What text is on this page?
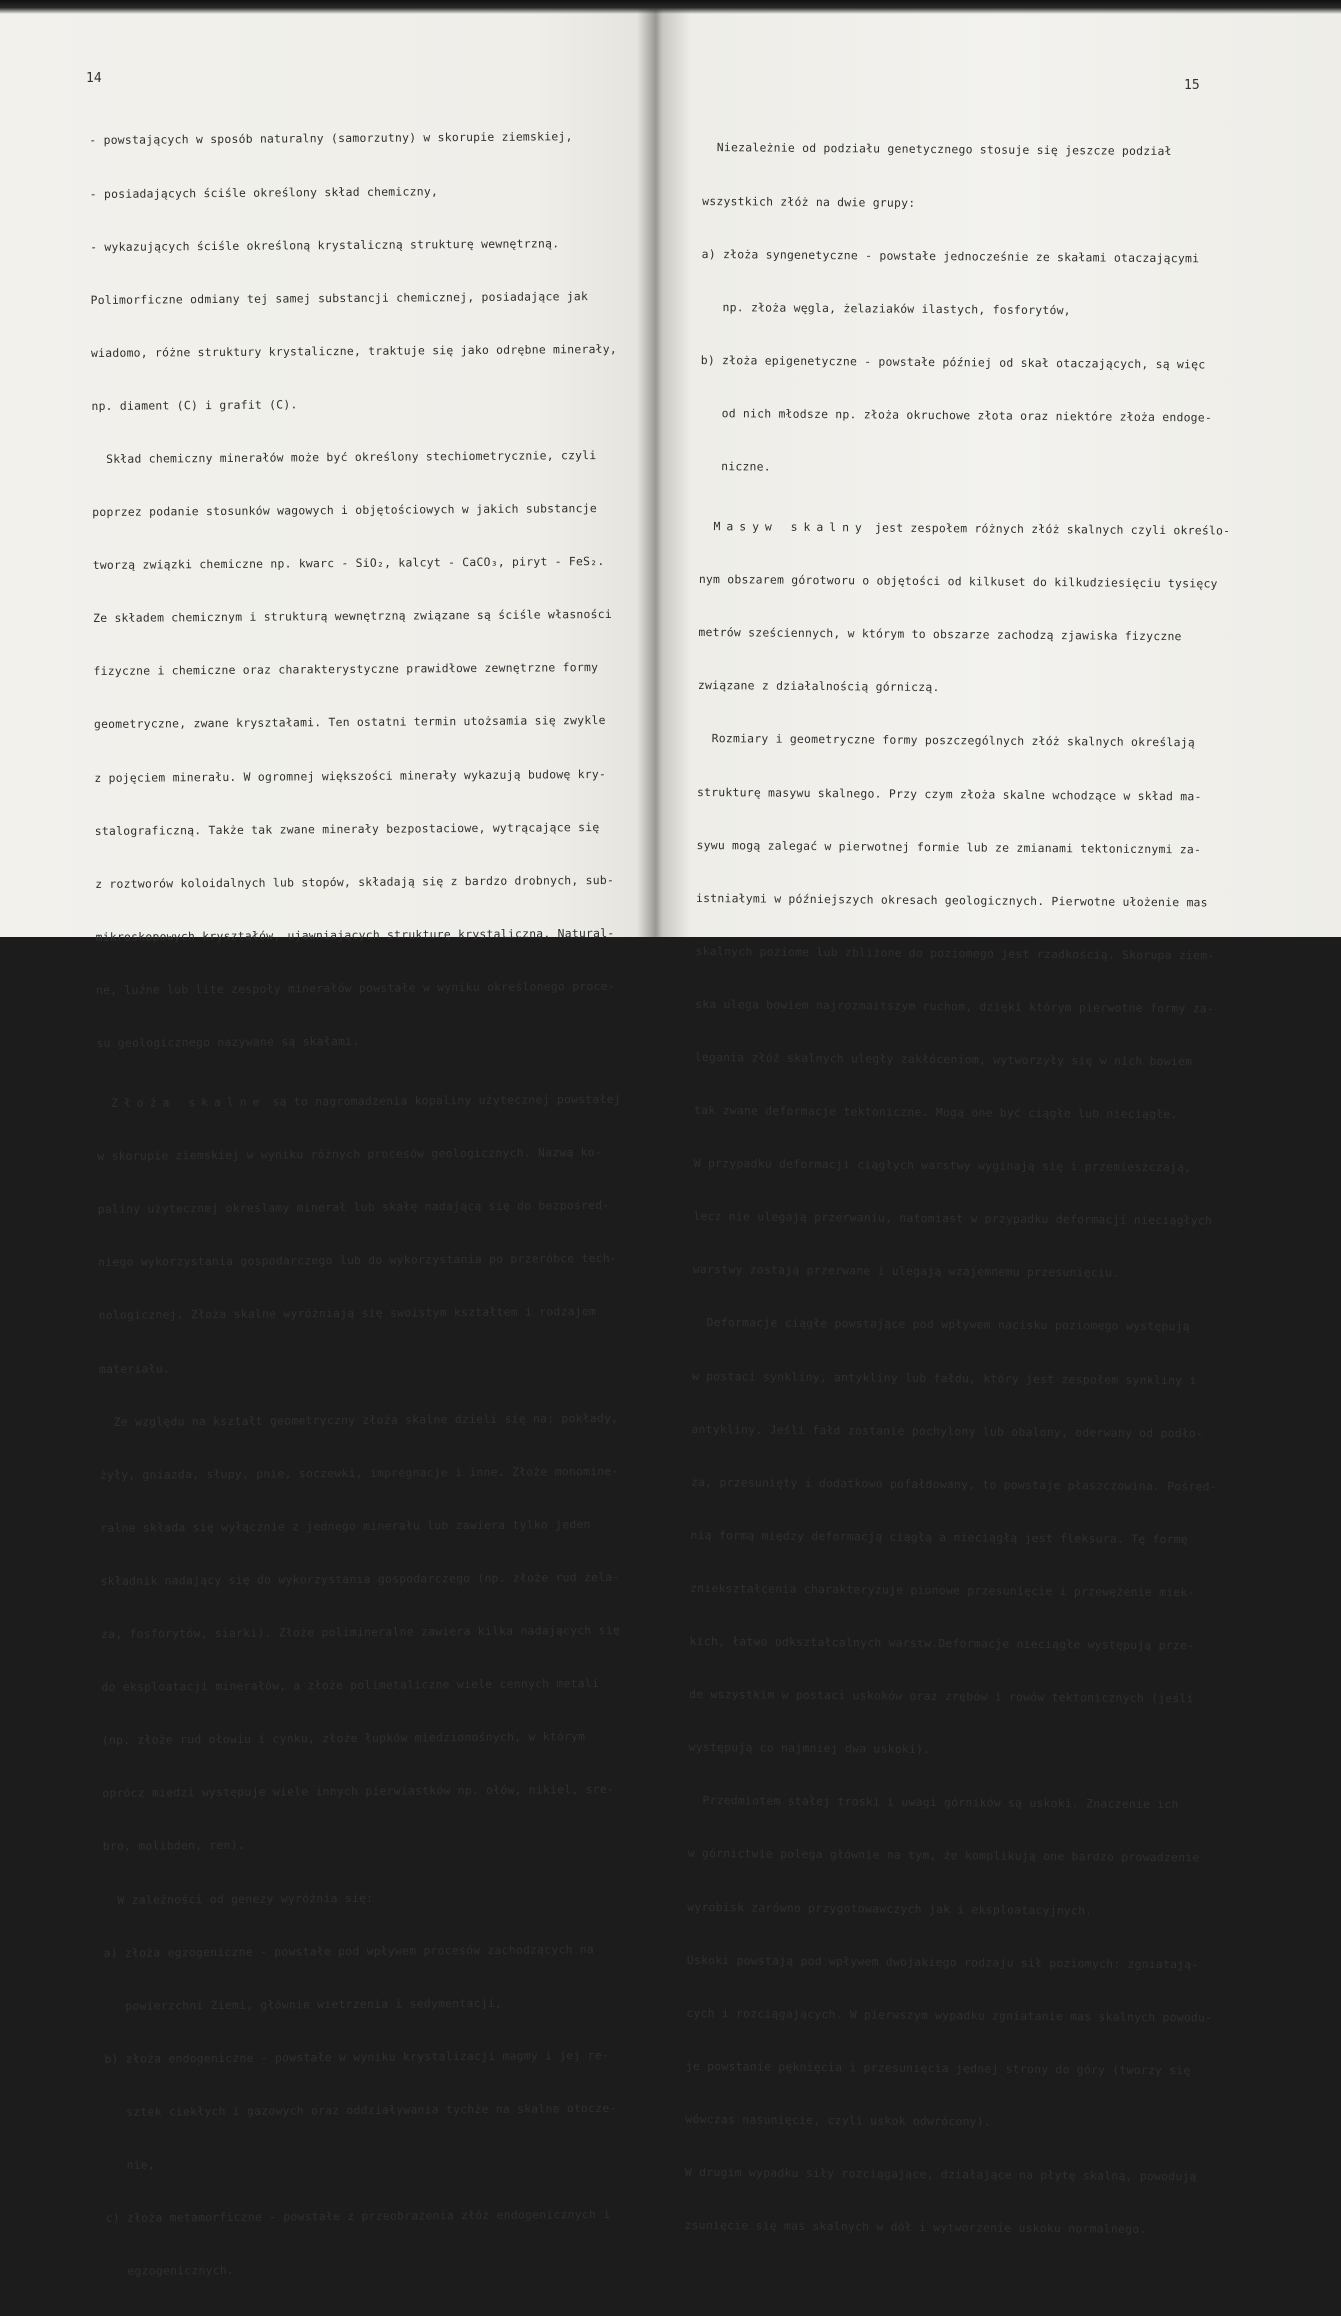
14

- powstających w sposób naturalny (samorzutny) w skorupie ziemskiej,

- posiadających ściśle określony skład chemiczny,

- wykazujących ściśle określoną krystaliczną strukturę wewnętrzną.

Polimorficzne odmiany tej samej substancji chemicznej, posiadające jak

wiadomo, różne struktury krystaliczne, traktuje się jako odrębne minerały,

np. diament (C) i grafit (C).

Skład chemiczny minerałów może być określony stechiometrycznie, czyli

poprzez podanie stosunków wagowych i objętościowych w jakich substancje

tworzą związki chemiczne np. kwarc - SiO₂, kalcyt - CaCO₃, piryt - FeS₂.

Ze składem chemicznym i strukturą wewnętrzną związane są ściśle własności

fizyczne i chemiczne oraz charakterystyczne prawidłowe zewnętrzne formy

geometryczne, zwane kryształami. Ten ostatni termin utożsamia się zwykle

z pojęciem minerału. W ogromnej większości minerały wykazują budowę kry-

stalograficzną. Także tak zwane minerały bezpostaciowe, wytrącające się

z roztworów koloidalnych lub stopów, składają się z bardzo drobnych, sub-

mikroskopowych kryształów, ujawniających strukturę krystaliczną. Natural-

ne, luźne lub lite zespoły minerałów powstałe w wyniku określonego proce-

su geologicznego nazywane są skałami.

Złoża skalne są to nagromadzenia kopaliny użytecznej powstałej

w skorupie ziemskiej w wyniku różnych procesów geologicznych. Nazwą ko-

paliny użytecznej określamy minerał lub skałę nadającą się do bezpośred-

niego wykorzystania gospodarczego lub do wykorzystania po przeróbce tech-

nologicznej. Złoża skalne wyróżniają się swoistym kształtem i rodzajem

materiału.

Ze względu na kształt geometryczny złoża skalne dzieli się na: pokłady,

żyły, gniazda, słupy, pnie, soczewki, impregnacje i inne. Złoże monomine-

ralne składa się wyłącznie z jednego minerału lub zawiera tylko jeden

składnik nadający się do wykorzystania gospodarczego (np. złoże rud żela-

za, fosforytów, siarki). Złoże polimineralne zawiera kilka nadających się

do eksploatacji minerałów, a złoże polimetaliczne wiele cennych metali

(np. złoże rud ołowiu i cynku, złoże łupków miedzionośnych, w którym

oprócz miedzi występuje wiele innych pierwiastków np. ołów, nikiel, sre-

bro, molibden, ren).

W zależności od genezy wyróżnia się:

a) złoża egzogeniczne - powstałe pod wpływem procesów zachodzących na

powierzchni Ziemi, głównie wietrzenia i sedymentacji,

b) złoża endogeniczne - powstałe w wyniku krystalizacji magmy i jej re-

sztek ciekłych i gazowych oraz oddziaływania tychże na skalne otocze-

nie,

c) złoża metamorficzne - powstałe z przeobrażenia złóż endogenicznych i

egzogenicznych.

15

Niezależnie od podziału genetycznego stosuje się jeszcze podział

wszystkich złóż na dwie grupy:

a) złoża syngenetyczne - powstałe jednocześnie ze skałami otaczającymi

np. złoża węgla, żelaziaków ilastych, fosforytów,

b) złoża epigenetyczne - powstałe później od skał otaczających, są więc

od nich młodsze np. złoża okruchowe złota oraz niektóre złoża endoge-

niczne.

Masyw skalny jest zespołem różnych złóż skalnych czyli określo-

nym obszarem górotworu o objętości od kilkuset do kilkudziesięciu tysięcy

metrów sześciennych, w którym to obszarze zachodzą zjawiska fizyczne

związane z działalnością górniczą.

Rozmiary i geometryczne formy poszczególnych złóż skalnych określają

strukturę masywu skalnego. Przy czym złoża skalne wchodzące w skład ma-

sywu mogą zalegać w pierwotnej formie lub ze zmianami tektonicznymi za-

istniałymi w późniejszych okresach geologicznych. Pierwotne ułożenie mas

skalnych poziome lub zbliżone do poziomego jest rzadkością. Skorupa ziem-

ska ulega bowiem najrozmaitszym ruchom, dzięki którym pierwotne formy za-

legania złóż skalnych uległy zakłóceniom, wytworzyły się w nich bowiem

tak zwane deformacje tektoniczne. Mogą one być ciągłe lub nieciągłe.

W przypadku deformacji ciągłych warstwy wyginają się i przemieszczają,

lecz nie ulegają przerwaniu, natomiast w przypadku deformacji nieciągłych

warstwy zostają przerwane i ulegają wzajemnemu przesunięciu.

Deformacje ciągłe powstające pod wpływem nacisku poziomego występują

w postaci synkliny, antykliny lub fałdu, który jest zespołem synkliny i

antykliny. Jeśli fałd zostanie pochylony lub obalony, oderwany od podło-

ża, przesunięty i dodatkowo pofałdowany, to powstaje płaszczowina. Pośred-

nią formą między deformacją ciągłą a nieciągłą jest fleksura. Tę formę

zniekształcenia charakteryzuje pionowe przesunięcie i przewężenie miek-

kich, łatwo odkształcalnych warstw.Deformacje nieciągłe występują prze-

de wszystkim w postaci uskoków oraz zrębów i rowów tektonicznych (jeśli

występują co najmniej dwa uskoki).

Przedmiotem stałej troski i uwagi górników są uskoki. Znaczenie ich

w górnictwie polega głównie na tym, że komplikują one bardzo prowadzenie

wyrobisk zarówno przygotowawczych jak i eksploatacyjnych.

Uskoki powstają pod wpływem dwojakiego rodzaju sił poziomych: zgniatają-

cych i rozciągających. W pierwszym wypadku zgniatanie mas skalnych powodu-

je powstanie pęknięcia i przesunięcia jednej strony do góry (tworzy się

wówczas nasunięcie, czyli uskok odwrócony).

W drugim wypadku siły rozciągające, działające na płytę skalną, powodują

zsunięcie się mas skalnych w dół i wytworzenie uskoku normalnego.
